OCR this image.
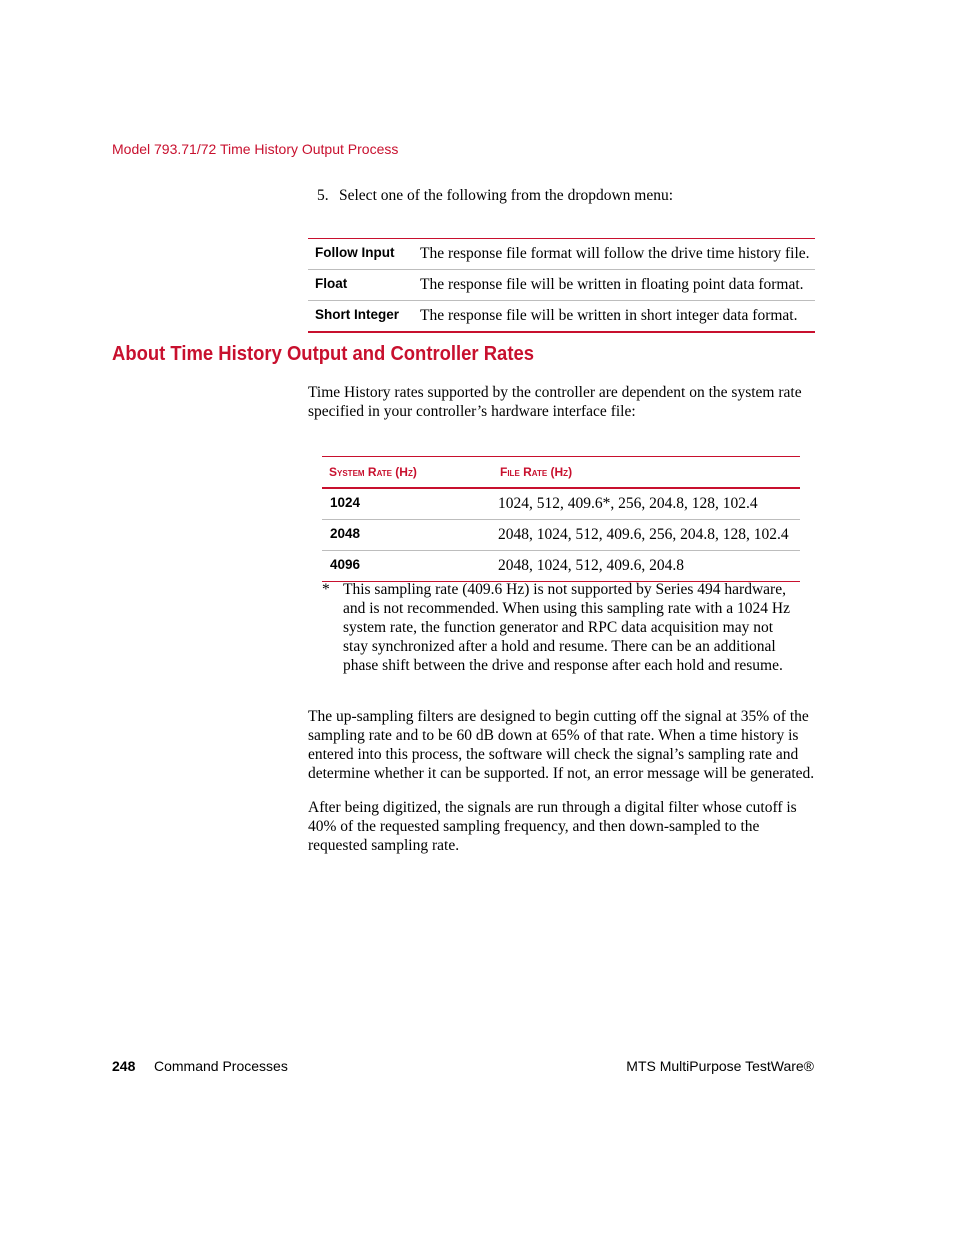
Model 793.71/72 Time History Output Process
5. Select one of the following from the dropdown menu:
Follow Input	The response file format will follow the drive time history file.
Float	The response file will be written in floating point data format.
Short Integer	The response file will be written in short integer data format.
About Time History Output and Controller Rates
Time History rates supported by the controller are dependent on the system rate specified in your controller’s hardware interface file:
System Rate (Hz)	File Rate (Hz)
1024	1024, 512, 409.6*, 256, 204.8, 128, 102.4
2048	2048, 1024, 512, 409.6, 256, 204.8, 128, 102.4
4096	2048, 1024, 512, 409.6, 204.8
* This sampling rate (409.6 Hz) is not supported by Series 494 hardware, and is not recommended. When using this sampling rate with a 1024 Hz system rate, the function generator and RPC data acquisition may not stay synchronized after a hold and resume. There can be an additional phase shift between the drive and response after each hold and resume.
The up-sampling filters are designed to begin cutting off the signal at 35% of the sampling rate and to be 60 dB down at 65% of that rate. When a time history is entered into this process, the software will check the signal’s sampling rate and determine whether it can be supported. If not, an error message will be generated.
After being digitized, the signals are run through a digital filter whose cutoff is 40% of the requested sampling frequency, and then down-sampled to the requested sampling rate.
248 Command Processes	MTS MultiPurpose TestWare®
